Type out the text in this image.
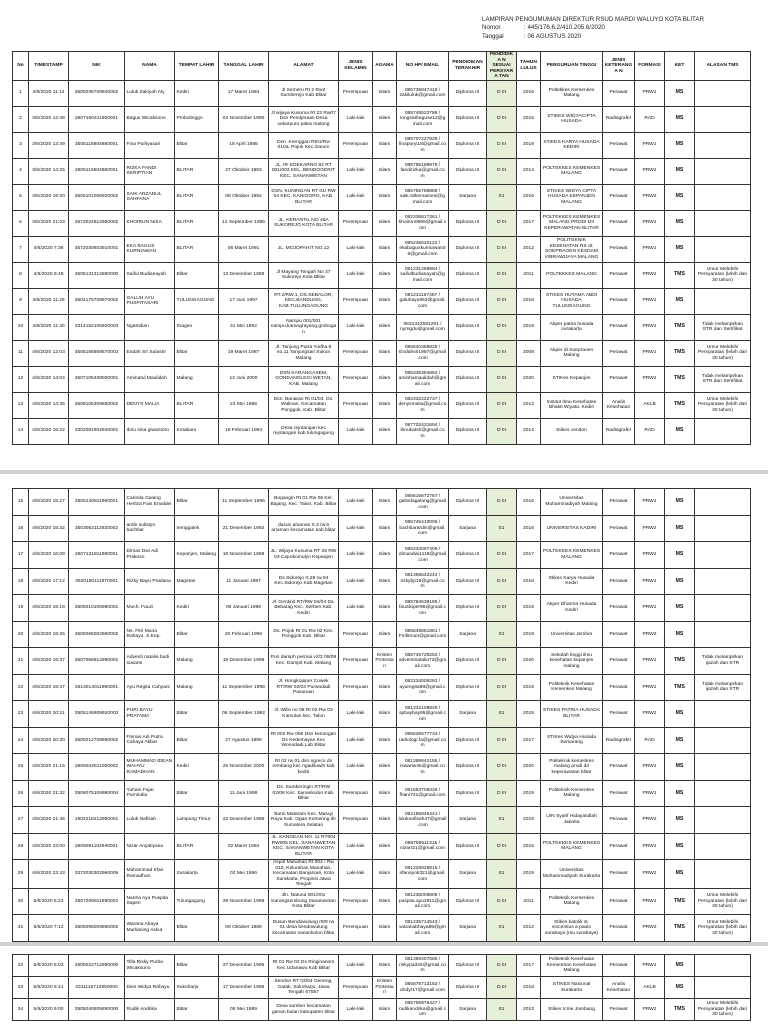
LAMPIRAN PENGUMUMAN DIREKTUR RSUD MARDI WALUYO KOTA BLITAR
Nomor	: 445/176.6.2/410.205.6/2020
Tanggal	: 06 AGUSTUS 2020
No	TIMESTAMP	NIK	NAMA	TEMPAT LAHIR	TANGGAL LAHIR	ALAMAT	JENIS KELAMIN	AGAMA	NO HP/ EMAIL	PENDIDIKAN TERAKHIR	PENDIDIKA N SESUAI PERSYARA TAN	TAHUN LULUS	PERGURUAN TINGGI	JENIS KETERANGA N	FORMASI	KET	ALASAN TMS
1	3/6/2020 11:14	3505045709940002	Luluk Zakiyah Aly	Kediri	17 Maret 1994	Jl Semeru Rt 2 Rw2 Sumberejo Kab Blitar	Perempuan	Islam	085736847418 / zakiluluk@gmail.com	Diploma III	D III	2016	Poltekkes Kemenkes Malang	Perawat	PRW1	MS	
2	3/6/2020 12:48	3507160411900001	Bagus Wicaksono	Probolinggo	04 November 1990	Jl wijaya Kusuma Rt 22 Rw07 Dsn Pendjeraan Desa sekarpuro pakis malang	Laki-laki	Islam	085748523786 / rongsarbaguse12@gmail.com	Diploma III	D III	2015	STIKES WIDYACIPTA HUSADA	Radiografer	RAD	MS	
3	3/6/2020 13:49	3505118804860001	Fina Purliyasari	Blitar	18 April 1986	Dsn. Krenggan Rt01/Rw 010a. Pojok Kec.Garum	Perempuan	Islam	085707227929 / finapuryi18@gmail.com	Diploma III	D III	2019	STIKES KARYA HUSADA KEDIRI	Perawat	PRW1	MS	
4	3/6/2020 14:25	3505116504860001	RIZKA FANDI SKRIPTIAN	BLITAR	27 Oktober 1993	JL. IR SOEKARNO 82 RT 001/003 KEL. BENDOGERIT KEC. SANANWETAN	Laki-laki	Islam	085785189979 / fandirizka@gmail.com	Diploma III	D III	2014	POLTEKKES KEMENKES MALANG	Perawat	PRW1	MS	
5	3/6/2020 19:20	3505101006920002	SAIK ARZANUL SAHFANA	BLITAR	08 Oktober 1992	DSN. KUNINGAN RT 01/ RW 04 KEC. KANIGORO, KAB. BLITAR	Laki-laki	Islam	085755788888 / saik.stikemamesi@gmail.com	Sarjana	S1	2016	STIKES WIDYA CIPTA HUSADA KEPANJEN MALANG	Perawat	PRW2	MS	
6	3/6/2020 21:03	3572024912950002	KHOIRUN NISA	BLITAR	12 September 1995	JL. KERANTIL NO 46A SUKOREJO KOTA BLITAR	Perempuan	Islam	082336817361 / khoirun0669@gmail.com	Diploma III	D III	2017	POLTEKKES KEMENKES MALANG PRODI DII KEPERAWATAN BLITAR	Perawat	PRW1	MS	
7	4/6/2020 7:36	3572030603910001	EKA BAGUS KURNIAWAN	BLITAR	06 Maret 1991	JL. MOJOPAHIT NO.12	Laki-laki	Islam	085236620122 / ekabaguskurniawan06@gmail.com	Diploma III	D III	2012	POLITEKNIK KESEHATAN RS dr. SOEPRAOEN KESDAM V/BRAWIJAYA MALANG	Perawat	PRW1	MS	
8	4/6/2020 9:49	3505131312890000	Saiful Budianayah	Blitar	13 Desember 1989	Jl Mayang Tengah No 37 Sukorejo Kota Blitar	Laki-laki	Islam	081231268984 / saifulbudianayah@gmail.com	Diploma III	D III	2011	POLTEKKES MALANG	Perawat	PRW1	TMS	Umur Melebihi Persyaratan (lebih dari 30 tahun)
9	4/6/2020 11:29	3504175708970002	GALUH AYU PUSPITASARI	TULUNGAGUNG	17 Juni 1997	RT.2/RW.1, DS.SEBALOR, KEC.BANDUNG, KAB.TULUNGAGUNG	Perempuan	Islam	081231167487 / galuhayu853@gmail.com	Diploma III	D III	2018	STIKES HUTAMA ABDI HUSADA TULUNGAGUNG	Perawat	PRW1	MS	
10	4/6/2020 11:40	3314152105920003	Ngatniban	Sragen	31 Mei 1992	Nampu 001/001 nampu,karangrayung,grobogan	Laki-laki	Islam	0831342591291 / nymgdu@gmail.com	Diploma III	D III	2019	Akper patria husada surakarta	Perawat	PRW1	TMS	Tidak melampirkan STR dan Sertifikat
11	4/6/2020 12:03	3505165908670003	Endah Sri Sulastri	Blitar	19 Maret 1987	Jl. Tanjung Putra Yudha 8 no.11 Tanjungsari Sukun Malang	Perempuan	Islam	085640358828 / Endahsri1987@gmail.com	Diploma III	D III	2008	Akper dr.Soepraoen Malang	Perawat	PRW1	TMS	Umur Melebihi Persyaratan (lebih dari 30 tahun)
12	4/6/2020 14:04	3507105408000001	Aminatul Maulidah	Malang	12 Juni 2000	DSN KARANGASEM, GONDANGLEGI WETAN, KAB. Malang	Perempuan	Islam	085336384862 / aminhamaulidah@gmail.com	Diploma III	D III	2020	STIKes Kepanjen	Perawat	PRW1	TMS	Tidak melampirkan STR dan Sertifikat
13	4/6/2020 14:36	3508106309860002	DENYS MALIA	BLITAR	23 Mei 1986	Dsn. Banaran Rt 01/03. Ds. Walinan. Kecamatan Ponggok. Kab. Blitar	Perempuan	Islam	082332222737 / denysmalia@gmail.com	Diploma III	D III	2013	Institut Ilmu Kesehatan Bhakti Wiyata. Kediri	Analis Kesehatan	AKLB	TMS	Umur Melebihi Persyaratan (lebih dari 30 tahun)
14	4/6/2020 15:22	3302091902940001	Ibnu sina giwantoro	Kotabaru	19 Februari 1994	Desa rejotangan kec rejotangan kab tulungagung	Laki-laki	Islam	087702431694 / ibnukatsh@gmail.com	Diploma III	D III	2014	Stikes cendon	Radiografer	RAD	MS	
15	4/6/2020 15:27	3505140911960001	Carinda Galang Herliza Fais Emaldei	Blitar	11 September 1996	Bogangin Rt 01 Rw 06 Kel. Bajang, Kec. Talun, Kab. Blitar	Laki-laki	Islam	085615672767 / galindagalang@gmail.com	Diploma III	D III	2016	Universitas Muhammadiyah Malang	Perawat	PRW1	MS	
16	4/6/2020 15:32	3503062112920002	ardin sulistyo bachtiar	trenggalek	21 Desember 1992	dusun ariaman rt.3 rw.6 ariaman kecamatan kab.blitar	Laki-laki	Islam	085745410005 / bachtiarardin@gmail.com	Sarjana	S1	2016	UNIVERSITAS KADIRI	Perawat	PRW2	MS	
17	4/6/2020 16:09	3507131811980001	Dimas Dwi Adi Prakoso	Kepanjen, Malang	18 November 1998	JL. Wijaya Kusuma RT 25 RW 03 Cepokomulyo Kepanjen	Laki-laki	Islam	085234067409 / dimasdwi1118@gmail.com	Diploma III	D III	2017	POLTEKKES KEMENKES MALANG	Perawat	PRW1	MS	
18	4/6/2020 17:12	3520180111970001	Rizky Bayu Pradana	Magetan	11 Januari 1997	Ds.Sidorejo rt.28 rw.04 Kec.Sidorejo Kab.Magetan	Laki-laki	Islam	081355542244 / rizkybp18@gmail.com	Diploma III	D III	2018	Stikes Karya Husada Kediri	Perawat	PRW1	MS	
19	4/6/2020 19:19	3505010106980001	Moch. Fauzi	Kediri	06 Januari 1998	Jl. Gentinit RT/RW 04/04 Ds. Bebarag Kec. Serben Kab. Kediri	Laki-laki	Islam	085784538185 / fauzikiper98@gmail.com	Diploma III	D III	2019	Akper Dharma Husada Kediri	Perawat	PRW1	MS	
20	4/6/2020 19:25	3505066002960002	Ns. Fitri Muna Rahayu, S.Kep.	Blitar	20 Februari 1996	Ds. Pojok Rt 01 Rw 02 Kec. Ponggok Kab. Blitar	Perempuan	Islam	085649861881 / Fmfitmun@gmail.com	Sarjana	S1	2019	Universitas Jember	Perawat	PRW2	MS	
21	4/6/2020 19:37	3507056912990001	Adventi natalia budi susanti	Malang	19 Desember 1999	Puri damph permai v2/3 09/09 Kec. Dampit Kab. Malang	Perempuan	Kristen Protestan	085745728252 / adventinatalia72@gmail.com	Diploma III	D III	2020	Sekolah tinggi ilmu kesehatan kepanjen malang	Perawat	PRW1	TMS	Tidak melampirkan ijazah dan STR
22	4/6/2020 19:37	3514014011960001	Ayu Regita Cahyani	Malang	11 September 1998	Jl. Hongkopiper Cowek RT/RW 02/03 Purwodadi Pasuruan	Perempuan	Islam	082234006262 / ayuregita98@gmail.com	Diploma III	D III	2019	Politeknik Kesehatan Kemenkes Malang	Perawat	PRW1	TMS	Tidak melampirkan ijazah dan STR
23	4/6/2020 20:21	3505146909920003	PURI BAYU PRATAMA	Blitar	06 September 1992	Jl. Wilis no 08 Rt 02 Rw 03 Kamulan kec. Talun	Laki-laki	Islam	081332108849 / spbaybay95@gmail.com	Sarjana	S1	2015	STIKES PATRIA HUSADA BLITAR	Perawat	PRW2	MS	
24	4/6/2020 20:30	3505012708950002	Finnan Adi Putra Cahaya Akbar	Blitar	27 Agustus 1995	Rt 002 Rw 006 Dsn kenongan Ds Kedemayan Kec Wonodadi Lab Blitar	Laki-laki	Islam	085636577734 / radiologi.fa@gmail.com	Diploma III	D III	2017	STIKes Widya Husada Semarang	Radiografer	RAD	MS	
25	4/6/2020 21:15	3506042511000002	MUHAMMAD IDEAN WAHYU RAMADHAN	Kediri	25 November 2000	Rt 02 rw 01 dsn.ngreco ds rembang kec ngadiluwih kab kediri	Laki-laki	Islam	081388842155 / iswanw45@gmail.com	Diploma III	D III	2020	Politeknik kemenkes malang prodi d3 keperawatan blitar	Perawat	PRW1	MS	
26	4/6/2020 21:32	3506075106980004	Yuhani Fajar Purnindia	Blitar	11 Juni 1998	Ds. Sumberingin RT/RW 02/08 Kec. Sanankulon Kab. Blitar	Perempuan	Islam	081553708326 / fhani731@gmail.com	Diploma III	D III	2019	Politeknik Kemenkes Malang	Perawat	PRW1	MS	
27	4/6/2020 21:46	1802216212950001	Luluk Nafisah	Lampung Timur	22 Desember 1995	Bumi Mataram Kec. Masuji Raya Kab. Ogan Komering Ilir Sumatera Selatan	Perempuan	Islam	082186945441 / luluknafisah47@gmail.com	Sarjana	S1	2019	UIN Syarif Hidayatullah Jakarta	Perawat	PRW2	MS	
28	4/6/2020 23:00	3505091102940001	Nizar Anyatiyasa	BLITAR	02 Maret 1994	JL. KANGEAN NO. 11 RT004 RW005 KEL. SANANWETAN KEC. SANANWETAN KOTA BLITAR	Laki-laki	Islam	085755511315 / nizarr21@gmail.com	Diploma III	D III	2015	POLTEKKES KEMENKES MALANG	Perawat	PRW1	MS	
29	4/6/2020 23:43	3372030302960005	Muhammad Irfan Ramadhan	Surakarta	02 Mei 1996	Aspol Manahan Rt 002 / Rw 010, Kelurahan Manahan, Kecamatan Banjarsari, Kota Surakarta, Propinsi Jawa Tengah	Laki-laki	Islam	081226826815 / irfanayok321@gmail.com	Sarjana	S1	2019	Universitas Muhammadiyah Surakarta	Perawat	PRW2	MS	
30	5/6/2020 6:23	3507206911890002	Nanha Ayu Puspita Sapen	Tulungagung	29 November 1989	Jln. Natuna 001/001 Karangsembung Sananwetan Kota Blitar	Perempuan	Islam	081235008808 / puspita.ayu2911@gmail.com	Diploma III	D III	2011	Politeknik Kemenkes Malang	Perawat	PRW1	TMS	Umur Melebihi Persyaratan (lebih dari 30 tahun)
31	5/6/2020 7:12	3505095009890002	Warana Abaya Murlianing Askut	Blitar	09 Oktober 1989	Dusun Bendowulung rt09 rw 01 desa bendowulung kecamatan sanankulon blitar	Perempuan	Islam	081235714543 / waranabhaya89@gmail.com	Sarjana	S1	2012	Stikes katolik st. vincentius a paulo surabaya (rsu surabaya)	Perawat	PRW2	TMS	Umur Melebihi Persyaratan (lebih dari 30 tahun)
32	5/6/2020 6:03	3505022712950000	Tilla Risky Purba Wicaksono	Blitar	27 Desember 1995	Rt 01 Rw 02 Ds Ringinanom Kec Udanawu Kab Blitar	Laki-laki	Islam	081359407085 / riskypa345@gmail.com	Diploma III	D III	2017	Politeknik Kesehatan Kementrian Kesehatan Malang	Perawat	PRW1	MS	
33	5/6/2020 6:41	3311115712950000	Dies Widya Rahayu	Sukoharjo	17 Desember 1995	Sendon RT 03/04 Geneng, Gatak, Sukoharjo, Jawa Tengah 57557	Perempuan	Kristen Protestan	085876713183 / dndyr17@gmail.com	Diploma III	D III	2018	STIKES Nasional Surakarta	Analis Kesehatan	AKLB	MS	
34	5/6/2020 9:00	3505040505890000	Rudik Andrika	Blitar	05 Mei 1989	Desa sumber kecamatan ganan bulan kabupaten blitar	Laki-laki	Islam	085755976427 / rudikandrika@gmail.com	Sarjana	S1	2013	Stikes Icme Jombang	Perawat	PRW2	TMS	Umur Melebihi Persyaratan (lebih dari 30 tahun)
